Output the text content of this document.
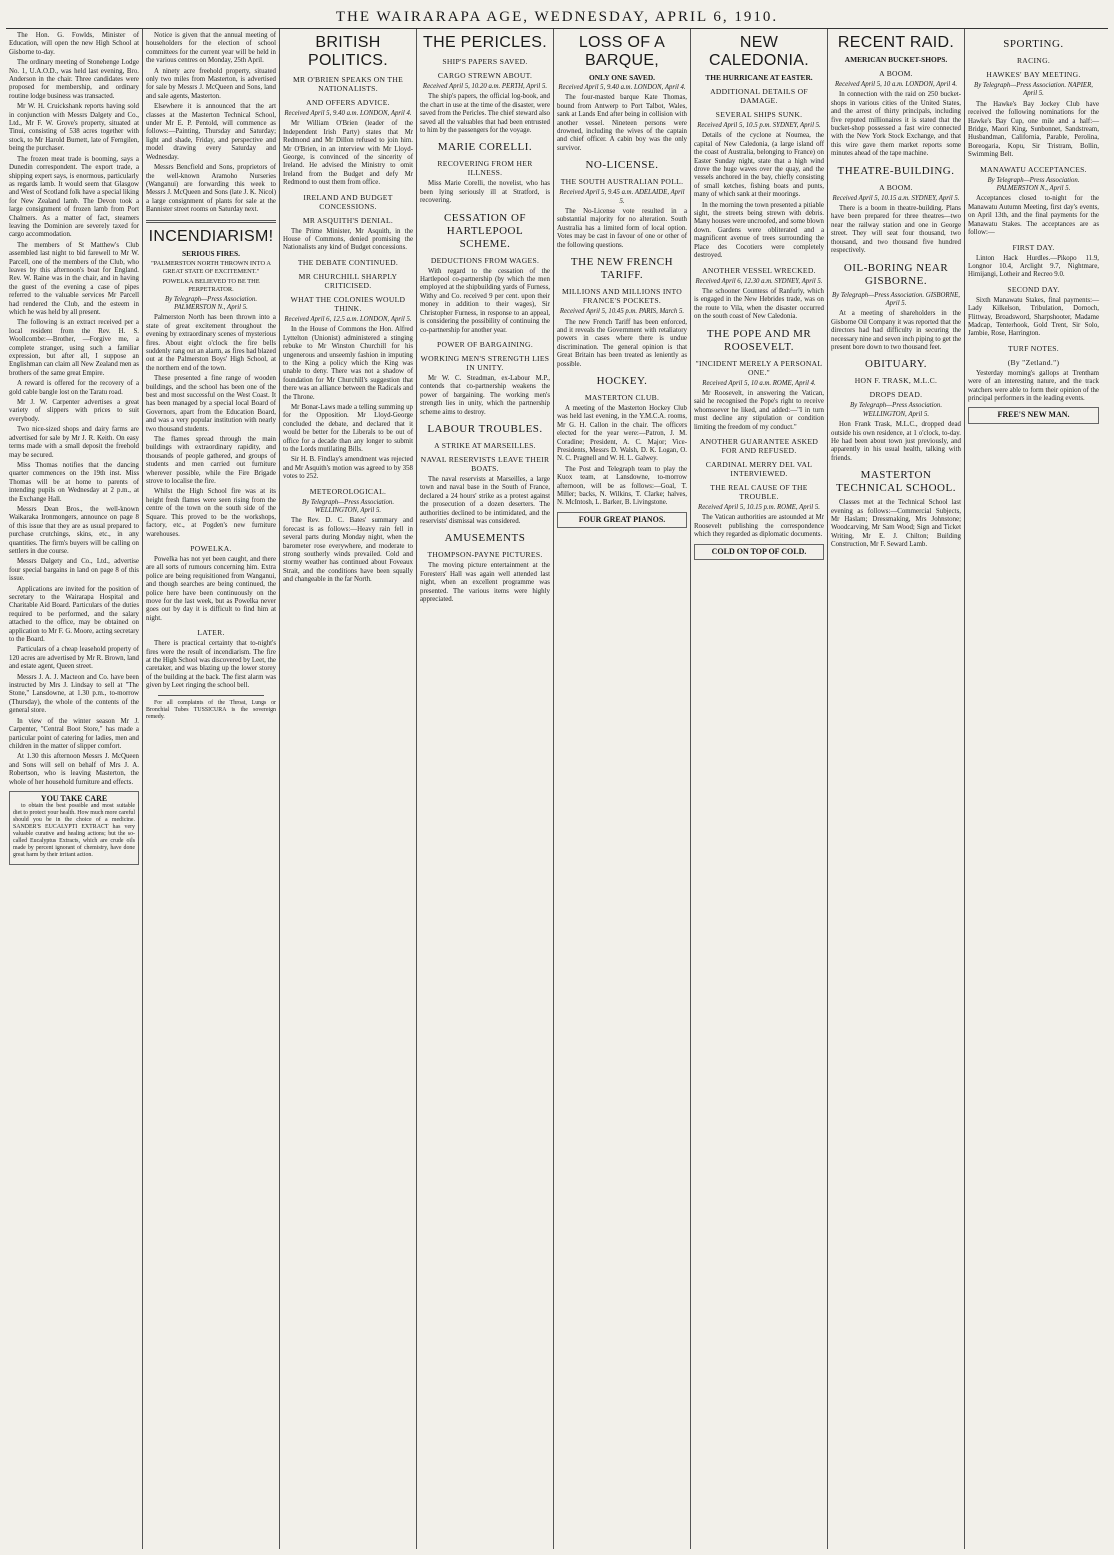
THE WAIRARAPA AGE, WEDNESDAY, APRIL 6, 1910.

The Hon. G. Fowlds, Minister of Education, will open the new High School at Gisborne to-day.

The ordinary meeting of Stonehenge Lodge No. 1, U.A.O.D., was held last evening, Bro. Anderson in the chair. Three candidates were proposed for membership, and ordinary routine lodge business was transacted.

Mr W. H. Cruickshank reports having sold in conjunction with Messrs Dalgety and Co., Ltd., Mr F. W. Grove's property, situated at Tinui, consisting of 538 acres together with stock, to Mr Harold Burnett, late of Ferngilen, being the purchaser.

The frozen meat trade is booming, says a Dunedin correspondent. The export trade, a shipping expert says, is enormous, particularly as regards lamb. It would seem that Glasgow and West of Scotland folk have a special liking for New Zealand lamb. The Devon took a large consignment of frozen lamb from Port Chalmers. As a matter of fact, steamers leaving the Dominion are severely taxed for cargo accommodation.

The members of St Matthew's Club assembled last night to bid farewell to Mr W. Parcell, one of the members of the Club, who leaves by this afternoon's boat for England. Rev. W. Raine was in the chair, and in having the guest of the evening a case of pipes referred to the valuable services Mr Parcell had rendered the Club, and the esteem in which he was held by all present.

The following is an extract received per a local resident from the Rev. H. S. Woollcombe:—Brother, —Forgive me, a complete stranger, using such a familiar expression, but after all, I suppose an Englishman can claim all New Zealand men as brothers of the same great Empire.

A reward is offered for the recovery of a gold cable bangle lost on the Taratu road.

Mr J. W. Carpenter advertises a great variety of slippers with prices to suit everybody.

Two nice-sized shops and dairy farms are advertised for sale by Mr J. R. Keith. On easy terms made with a small deposit the freehold may be secured.

Miss Thomas notifies that the dancing quarter commences on the 19th inst. Miss Thomas will be at home to parents of intending pupils on Wednesday at 2 p.m., at the Exchange Hall.

Messrs Dean Bros., the well-known Waikaraka Ironmongers, announce on page 8 of this issue that they are as usual prepared to purchase crutchings, skins, etc., in any quantities. The firm's buyers will be calling on settlers in due course.

Messrs Dalgety and Co., Ltd., advertise four special bargains in land on page 8 of this issue.

Applications are invited for the position of secretary to the Wairarapa Hospital and Charitable Aid Board. Particulars of the duties required to be performed, and the salary attached to the office, may be obtained on application to Mr F. G. Moore, acting secretary to the Board.

Particulars of a cheap leasehold property of 120 acres are advertised by Mr R. Brown, land and estate agent, Queen street.

Messrs J. A. J. Macteon and Co. have been instructed by Mrs J. Lindsay to sell at "The Stone," Lansdowne, at 1.30 p.m., to-morrow (Thursday), the whole of the contents of the general store.

In view of the winter season Mr J. Carpenter, "Central Boot Store," has made a particular point of catering for ladies, men and children in the matter of slipper comfort.

At 1.30 this afternoon Messrs J. McQueen and Sons will sell on behalf of Mrs J. A. Robertson, who is leaving Masterton, the whole of her household furniture and effects.

YOU TAKE CARE

to obtain the best possible and most suitable diet to protect your health. How much more careful should you be in the choice of a medicine. SANDER'S EUCALYPTI EXTRACT has very valuable curative and healing actions; but the so-called Eucalyptus Extracts, which are crude oils made by percent ignorant of chemistry, have done great harm by their irritant action.

Notice is given that the annual meeting of householders for the election of school committees for the current year will be held in the various centres on Monday, 25th April.

A ninety acre freehold property, situated only two miles from Masterton, is advertised for sale by Messrs J. McQueen and Sons, land and sale agents, Masterton.

Elsewhere it is announced that the art classes at the Masterton Technical School, under Mr E. P. Pentold, will commence as follows:—Painting, Thursday and Saturday; light and shade, Friday, and perspective and model drawing every Saturday and Wednesday.

Messrs Bencfield and Sons, proprietors of the well-known Aramoho Nurseries (Wanganui) are forwarding this week to Messrs J. McQueen and Sons (late J. K. Nicol) a large consignment of plants for sale at the Bannister street rooms on Saturday next.

INCENDIARISM!
SERIOUS FIRES.
"PALMERSTON NORTH THROWN INTO A GREAT STATE OF EXCITEMENT."
POWELKA BELIEVED TO BE THE PERPETRATOR.
By Telegraph—Press Association. PALMERSTON N., April 5.

Palmerston North has been thrown into a state of great excitement throughout the evening by extraordinary scenes of mysterious fires. About eight o'clock the fire bells suddenly rang out an alarm, as fires had blazed out at the Palmerston Boys' High School, at the northern end of the town.

These presented a fine range of wooden buildings, and the school has been one of the best and most successful on the West Coast. It has been managed by a special local Board of Governors, apart from the Education Board, and was a very popular institution with nearly two thousand students.

The flames spread through the main buildings with extraordinary rapidity, and thousands of people gathered, and groups of students and men carried out furniture wherever possible, while the Fire Brigade strove to localise the fire.

Whilst the High School fire was at its height fresh flames were seen rising from the centre of the town on the south side of the Square. This proved to be the workshops, factory, etc., at Pogden's new furniture warehouses.

POWELKA.

Powelka has not yet been caught, and there are all sorts of rumours concerning him. Extra police are being requisitioned from Wanganui, and though searches are being continued, the police here have been continuously on the move for the last week, but as Powelka never goes out by day it is difficult to find him at night.

LATER.

There is practical certainty that to-night's fires were the result of incendiarism. The fire at the High School was discovered by Leet, the caretaker, and was blazing up the lower storey of the building at the back. The first alarm was given by Leet ringing the school bell.

For all complaints of the Throat, Lungs or Bronchial Tubes TUSSICURA is the sovereign remedy.

BRITISH POLITICS.
MR O'BRIEN SPEAKS ON THE NATIONALISTS.
AND OFFERS ADVICE.
Received April 5, 9.40 a.m. LONDON, April 4.

Mr William O'Brien (leader of the Independent Irish Party) states that Mr Redmond and Mr Dillon refused to join him. Mr O'Brien, in an interview with Mr Lloyd-George, is convinced of the sincerity of Ireland. He advised the Ministry to omit Ireland from the Budget and defy Mr Redmond to oust them from office.

IRELAND AND BUDGET CONCESSIONS.
MR ASQUITH'S DENIAL.

The Prime Minister, Mr Asquith, in the House of Commons, denied promising the Nationalists any kind of Budget concessions.

THE DEBATE CONTINUED.
MR CHURCHILL SHARPLY CRITICISED.
WHAT THE COLONIES WOULD THINK.
Received April 6, 12.5 a.m. LONDON, April 5.

In the House of Commons the Hon. Alfred Lyttelton (Unionist) administered a stinging rebuke to Mr Winston Churchill for his ungenerous and unseemly fashion in imputing to the King a policy which the King was unable to deny. There was not a shadow of foundation for Mr Churchill's suggestion that there was an alliance between the Radicals and the Throne.

Mr Bonar-Laws made a telling summing up for the Opposition. Mr Lloyd-George concluded the debate, and declared that it would be better for the Liberals to be out of office for a decade than any longer to submit to the Lords mutilating Bills.

Sir H. B. Findlay's amendment was rejected and Mr Asquith's motion was agreed to by 358 votes to 252.

METEOROLOGICAL.
By Telegraph—Press Association. WELLINGTON, April 5.

The Rev. D. C. Bates' summary and forecast is as follows:—Heavy rain fell in several parts during Monday night, when the barometer rose everywhere, and moderate to strong southerly winds prevailed. Cold and stormy weather has continued about Foveaux Strait, and the conditions have been squally and changeable in the far North.

THE PERICLES.
SHIP'S PAPERS SAVED.
CARGO STREWN ABOUT.
Received April 5, 10.20 a.m. PERTH, April 5.

The ship's papers, the official log-book, and the chart in use at the time of the disaster, were saved from the Pericles. The chief steward also saved all the valuables that had been entrusted to him by the passengers for the voyage.

MARIE CORELLI.
RECOVERING FROM HER ILLNESS.

Miss Marie Corelli, the novelist, who has been lying seriously ill at Stratford, is recovering.

CESSATION OF HARTLEPOOL SCHEME.
DEDUCTIONS FROM WAGES.

With regard to the cessation of the Hartlepool co-partnership (by which the men employed at the shipbuilding yards of Furness, Withy and Co. received 9 per cent. upon their money in addition to their wages), Sir Christopher Furness, in response to an appeal, is considering the possibility of continuing the co-partnership for another year.

POWER OF BARGAINING.
WORKING MEN'S STRENGTH LIES IN UNITY.

Mr W. C. Steadman, ex-Labour M.P., contends that co-partnership weakens the power of bargaining. The working men's strength lies in unity, which the partnership scheme aims to destroy.

LABOUR TROUBLES.
A STRIKE AT MARSEILLES.
NAVAL RESERVISTS LEAVE THEIR BOATS.

The naval reservists at Marseilles, a large town and naval base in the South of France, declared a 24 hours' strike as a protest against the prosecution of a dozen deserters. The authorities declined to be intimidated, and the reservists' dismissal was considered.

AMUSEMENTS
THOMPSON-PAYNE PICTURES.

The moving picture entertainment at the Foresters' Hall was again well attended last night, when an excellent programme was presented. The various items were highly appreciated.

LOSS OF A BARQUE,
ONLY ONE SAVED.
Received April 5, 9.40 a.m. LONDON, April 4.

The four-masted barque Kate Thomas, bound from Antwerp to Port Talbot, Wales, sank at Lands End after being in collision with another vessel. Nineteen persons were drowned, including the wives of the captain and chief officer. A cabin boy was the only survivor.

NO-LICENSE.
THE SOUTH AUSTRALIAN POLL.
Received April 5, 9.45 a.m. ADELAIDE, April 5.

The No-License vote resulted in a substantial majority for no alteration. South Australia has a limited form of local option. Votes may be cast in favour of one or other of the following questions.

THE NEW FRENCH TARIFF.
MILLIONS AND MILLIONS INTO FRANCE'S POCKETS.
Received April 5, 10.45 p.m. PARIS, March 5.

The new French Tariff has been enforced, and it reveals the Government with retaliatory powers in cases where there is undue discrimination. The general opinion is that Great Britain has been treated as leniently as possible.

HOCKEY.
MASTERTON CLUB.

A meeting of the Masterton Hockey Club was held last evening, in the Y.M.C.A. rooms, Mr G. H. Callon in the chair. The officers elected for the year were:—Patron, J. M. Coradine; President, A. C. Major; Vice-Presidents, Messrs D. Walsh, D. K. Logan, O. N. C. Pragnell and W. H. L. Galwey.

The Post and Telegraph team to play the Kuox team, at Lansdowne, to-morrow afternoon, will be as follows:—Goal, T. Miller; backs, N. Wilkins, T. Clarke; halves, N. McIntosh, L. Barker, B. Livingstone.

FOUR GREAT PIANOS.
NEW CALEDONIA.
THE HURRICANE AT EASTER.
ADDITIONAL DETAILS OF DAMAGE.
SEVERAL SHIPS SUNK.
Received April 5, 10.5 p.m. SYDNEY, April 5.

Details of the cyclone at Noumea, the capital of New Caledonia, (a large island off the coast of Australia, belonging to France) on Easter Sunday night, state that a high wind drove the huge waves over the quay, and the vessels anchored in the bay, chiefly consisting of small ketches, fishing boats and punts, many of which sank at their moorings.

In the morning the town presented a pitiable sight, the streets being strewn with debris. Many houses were uncroofed, and some blown down. Gardens were obliterated and a magnificent avenue of trees surrounding the Place des Cocotiers were completely destroyed.

ANOTHER VESSEL WRECKED.
Received April 6, 12.30 a.m. SYDNEY, April 5.

The schooner Countess of Ranfurly, which is engaged in the New Hebrides trade, was on the route to Vila, when the disaster occurred on the south coast of New Caledonia.

THE POPE AND MR ROOSEVELT.
"INCIDENT MERELY A PERSONAL ONE."
Received April 5, 10 a.m. ROME, April 4.

Mr Roosevelt, in answering the Vatican, said he recognised the Pope's right to receive whomsoever he liked, and added:—"I in turn must decline any stipulation or condition limiting the freedom of my conduct."

ANOTHER GUARANTEE ASKED FOR AND REFUSED.
CARDINAL MERRY DEL VAL INTERVIEWED.
THE REAL CAUSE OF THE TROUBLE.
Received April 5, 10.15 p.m. ROME, April 5.

The Vatican authorities are astounded at Mr Roosevelt publishing the correspondence which they regarded as diplomatic documents.

COLD ON TOP OF COLD.
RECENT RAID.
AMERICAN BUCKET-SHOPS.
A BOOM.
Received April 5, 10 a.m. LONDON, April 4.

In connection with the raid on 250 bucket-shops in various cities of the United States, and the arrest of thirty principals, including five reputed millionaires it is stated that the bucket-shop possessed a fast wire connected with the New York Stock Exchange, and that this wire gave them market reports some minutes ahead of the tape machine.

THEATRE-BUILDING.
A BOOM.
Received April 5, 10.15 a.m. SYDNEY, April 5.

There is a boom in theatre-building. Plans have been prepared for three theatres—two near the railway station and one in George street. They will seat four thousand, two thousand, and two thousand five hundred respectively.

OIL-BORING NEAR GISBORNE.
By Telegraph—Press Association. GISBORNE, April 5.

At a meeting of shareholders in the Gisborne Oil Company it was reported that the directors had had difficulty in securing the necessary nine and seven inch piping to get the present bore down to two thousand feet.

OBITUARY.
HON F. TRASK, M.L.C.
DROPS DEAD.
By Telegraph—Press Association. WELLINGTON, April 5.

Hon Frank Trask, M.L.C., dropped dead outside his own residence, at 1 o'clock, to-day. He had been about town just previously, and apparently in his usual health, talking with friends.

MASTERTON TECHNICAL SCHOOL.

Classes met at the Technical School last evening as follows:—Commercial Subjects, Mr Haslam; Dressmaking, Mrs Johnstone; Woodcarving, Mr Sam Wood; Sign and Ticket Writing, Mr E. J. Chilton; Building Construction, Mr F. Seward Lamb.

SPORTING.
RACING.
HAWKES' BAY MEETING.
By Telegraph—Press Association. NAPIER, April 5.

The Hawke's Bay Jockey Club have received the following nominations for the Hawke's Bay Cup, one mile and a half:—Bridge, Maori King, Sunbonnet, Sandstream, Husbandman, California, Parable, Perolina, Boreogaria, Kopu, Sir Tristram, Bollin, Swimming Belt.

MANAWATU ACCEPTANCES.
By Telegraph—Press Association. PALMERSTON N., April 5.

Acceptances closed to-night for the Manawatu Autumn Meeting, first day's events, on April 13th, and the final payments for the Manawatu Stakes. The acceptances are as follow:—

FIRST DAY.

Linton Hack Hurdles.—Pikopo 11.9, Longnor 10.4, Arclight 9.7, Nightmare, Himijangi, Lotheir and Recreo 9.0.

SECOND DAY.

Sixth Manawatu Stakes, final payments:—Lady Kilkelson, Tribulation, Dornoch, Flittway, Broadsword, Sharpshooter, Madame Madcap, Tenterhook, Gold Trent, Sir Solo, Jambie, Rose, Harrington.

TURF NOTES.
(By "Zetland.")

Yesterday morning's gallops at Trentham were of an interesting nature, and the track watchers were able to form their opinion of the principal performers in the leading events.

FREE'S NEW MAN.
